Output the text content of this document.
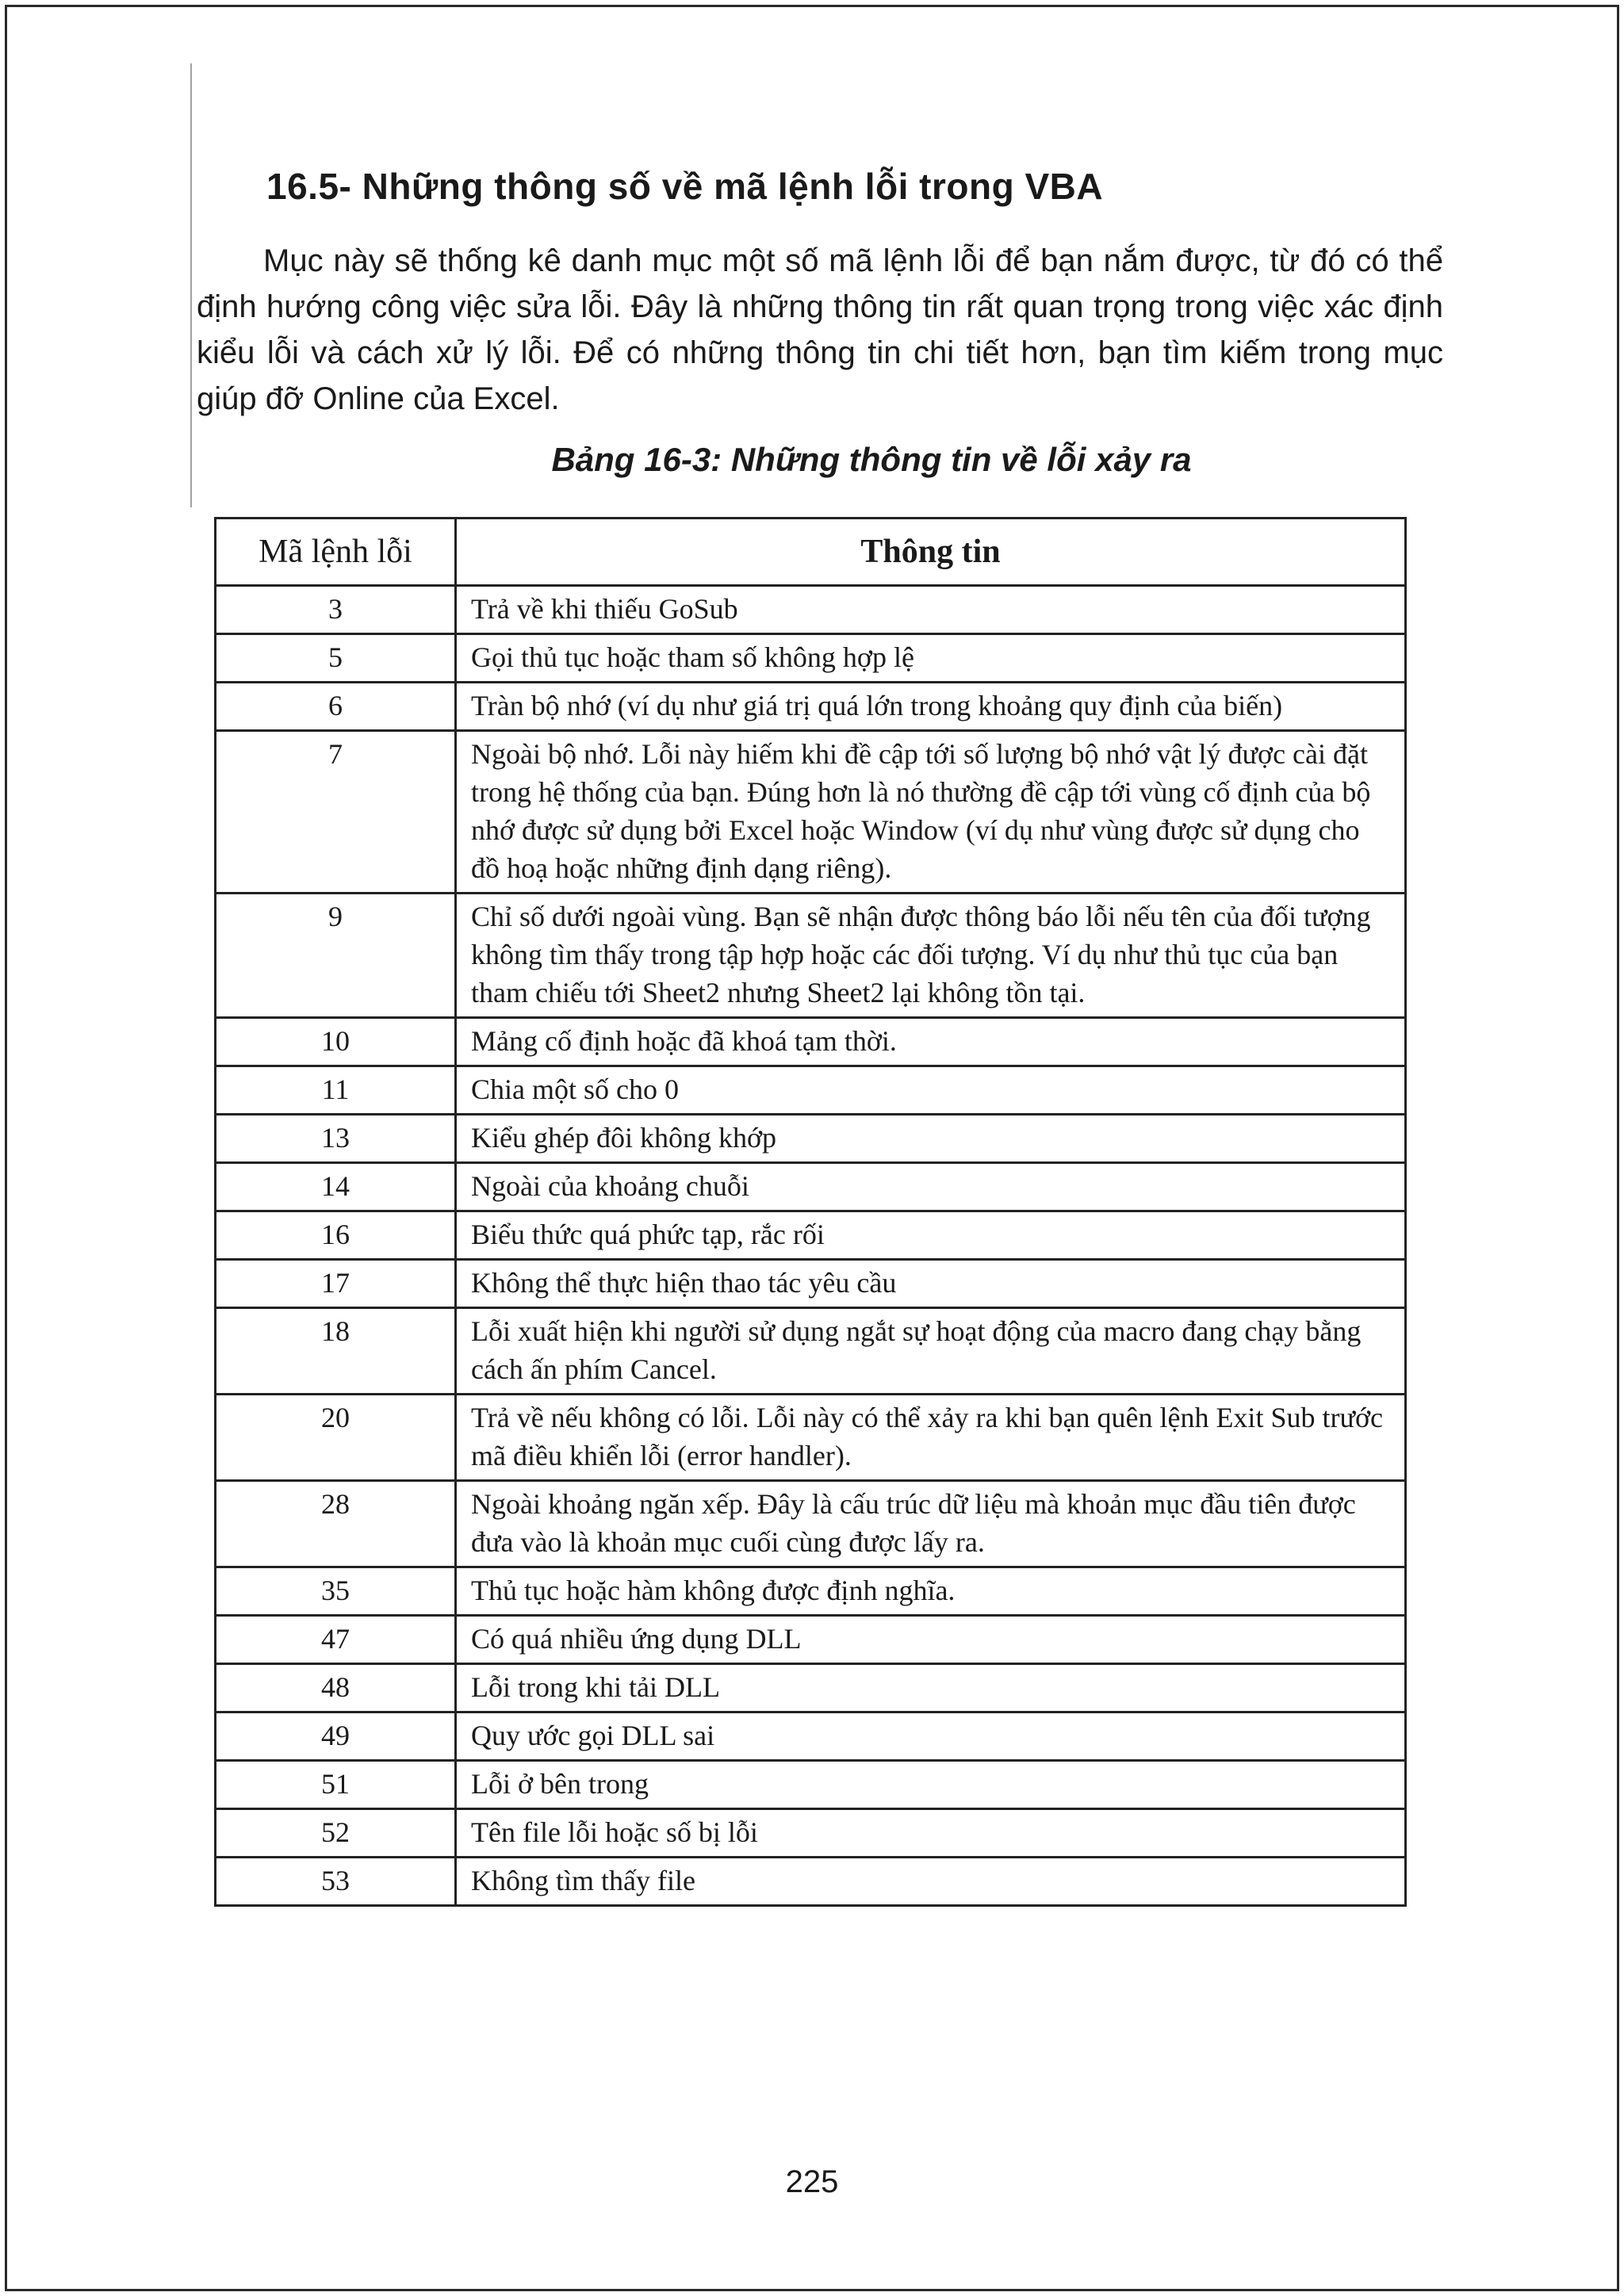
16.5- Những thông số về mã lệnh lỗi trong VBA

Mục này sẽ thống kê danh mục một số mã lệnh lỗi để bạn nắm được, từ đó có thể định hướng công việc sửa lỗi. Đây là những thông tin rất quan trọng trong việc xác định kiểu lỗi và cách xử lý lỗi. Để có những thông tin chi tiết hơn, bạn tìm kiếm trong mục giúp đỡ Online của Excel.

Bảng 16-3: Những thông tin về lỗi xảy ra
Mã lệnh lỗi	Thông tin
3	Trả về khi thiếu GoSub
5	Gọi thủ tục hoặc tham số không hợp lệ
6	Tràn bộ nhớ (ví dụ như giá trị quá lớn trong khoảng quy định của biến)
7	Ngoài bộ nhớ. Lỗi này hiếm khi đề cập tới số lượng bộ nhớ vật lý được cài đặt trong hệ thống của bạn. Đúng hơn là nó thường đề cập tới vùng cố định của bộ nhớ được sử dụng bởi Excel hoặc Window (ví dụ như vùng được sử dụng cho đồ hoạ hoặc những định dạng riêng).
9	Chỉ số dưới ngoài vùng. Bạn sẽ nhận được thông báo lỗi nếu tên của đối tượng không tìm thấy trong tập hợp hoặc các đối tượng. Ví dụ như thủ tục của bạn tham chiếu tới Sheet2 nhưng Sheet2 lại không tồn tại.
10	Mảng cố định hoặc đã khoá tạm thời.
11	Chia một số cho 0
13	Kiểu ghép đôi không khớp
14	Ngoài của khoảng chuỗi
16	Biểu thức quá phức tạp, rắc rối
17	Không thể thực hiện thao tác yêu cầu
18	Lỗi xuất hiện khi người sử dụng ngắt sự hoạt động của macro đang chạy bằng cách ấn phím Cancel.
20	Trả về nếu không có lỗi. Lỗi này có thể xảy ra khi bạn quên lệnh Exit Sub trước mã điều khiển lỗi (error handler).
28	Ngoài khoảng ngăn xếp. Đây là cấu trúc dữ liệu mà khoản mục đầu tiên được đưa vào là khoản mục cuối cùng được lấy ra.
35	Thủ tục hoặc hàm không được định nghĩa.
47	Có quá nhiều ứng dụng DLL
48	Lỗi trong khi tải DLL
49	Quy ước gọi DLL sai
51	Lỗi ở bên trong
52	Tên file lỗi hoặc số bị lỗi
53	Không tìm thấy file
225
